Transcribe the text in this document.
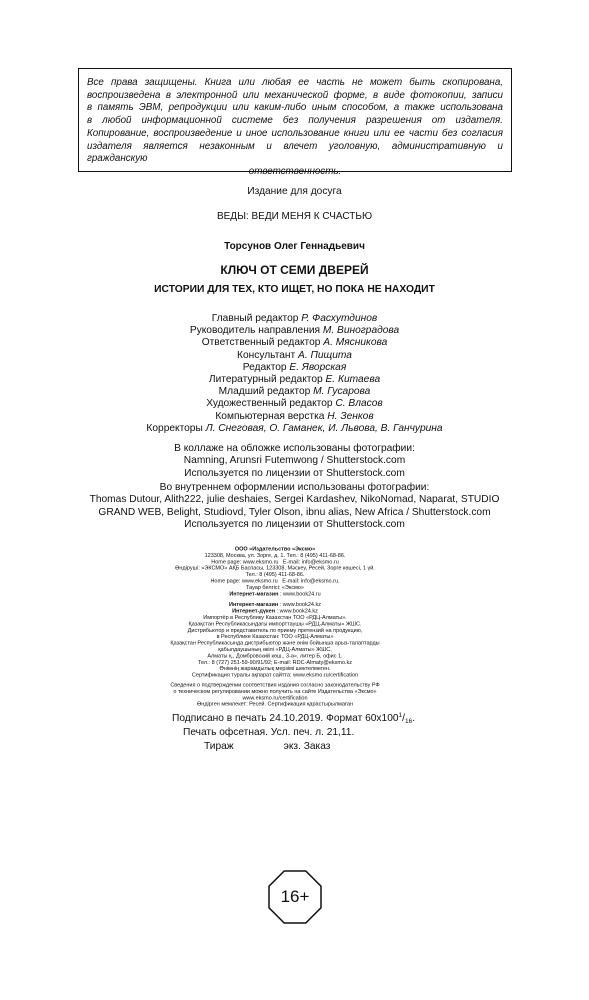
Все права защищены. Книга или любая ее часть не может быть скопирована,
воспроизведена в электронной или механической форме, в виде фотокопии, записи
в память ЭВМ, репродукции или каким-либо иным способом, а также использована
в любой информационной системе без получения разрешения от издателя.
Копирование, воспроизведение и иное использование книги или ее части без согласия
издателя является незаконным и влечет уголовную, административную и гражданскую
ответственность.
Издание для досуга
ВЕДЫ: ВЕДИ МЕНЯ К СЧАСТЬЮ
Торсунов Олег Геннадьевич
КЛЮЧ ОТ СЕМИ ДВЕРЕЙ
ИСТОРИИ ДЛЯ ТЕХ, КТО ИЩЕТ, НО ПОКА НЕ НАХОДИТ
Главный редактор Р. Фасхутдинов
Руководитель направления М. Виноградова
Ответственный редактор А. Мясникова
Консультант А. Пищита
Редактор Е. Яворская
Литературный редактор Е. Китаева
Младший редактор М. Гусарова
Художественный редактор С. Власов
Компьютерная верстка Н. Зенков
Корректоры Л. Снеговая, О. Гаманек, И. Львова, В. Ганчурина
В коллаже на обложке использованы фотографии:
Namning, Arunsri Futemwong / Shutterstock.com
Используется по лицензии от Shutterstock.com
Во внутреннем оформлении использованы фотографии:
Thomas Dutour, Alith222, julie deshaies, Sergei Kardashev, NikoNomad, Naparat, STUDIO
GRAND WEB, Belight, Studiovd, Tyler Olson, ibnu alias, New Africa / Shutterstock.com
Используется по лицензии от Shutterstock.com
ООО «Издательство «Эксмо»
123308, Москва, ул. Зорге, д. 1. Тел.: 8 (495) 411-68-86.
Home page: www.eksmo.ru   E-mail: info@eksmo.ru
Өндіруші: «ЭКСМО» АҚБ Баспасы, 123308, Мәскеу, Ресей, Зорге көшесі, 1 үй.
Тел.: 8 (495) 411-68-86.
Home page: www.eksmo.ru   E-mail: info@eksmo.ru.
Тауар белгісі: «Эксмо»
Интернет-магазин : www.book24.ru
Интернет-магазин : www.book24.kz
Интернет-дүкен : www.book24.kz
Импортёр в Республику Казахстан ТОО «РДЦ-Алматы».
Қазақстан Республикасындағы импорттаушы «РДЦ-Алматы» ЖШС.
Дистрибьютор и представитель по приему претензий на продукцию,
в Республике Казахстан: ТОО «РДЦ-Алматы»
Қазақстан Республикасында дистрибьютор және өнім бойынша арыз-талаптарды
қабылдаушының өкілі «РДЦ-Алматы» ЖШС,
Алматы қ., Домбровский көш., 3-а», литер Б, офис 1.
Тел.: 8 (727) 251-59-90/91/92; E-mail: RDC-Almaty@eksmo.kz
Өнімнің жарамдылық мерзімі шектелмеген.
Сертификация туралы ақпарат сайтта: www.eksmo.ru/certification
Сведения о подтверждении соответствия издания согласно законодательству РФ
о техническом регулировании можно получить на сайте Издательства «Эксмо»
www.eksmo.ru/certification
Өндірген мемлекет: Ресей. Сертификация қарастырылмаған
Подписано в печать 24.10.2019. Формат $60x100^1/_{16}$.
Печать офсетная. Усл. печ. л. 21,11.
Тираж	экз. Заказ
16+
